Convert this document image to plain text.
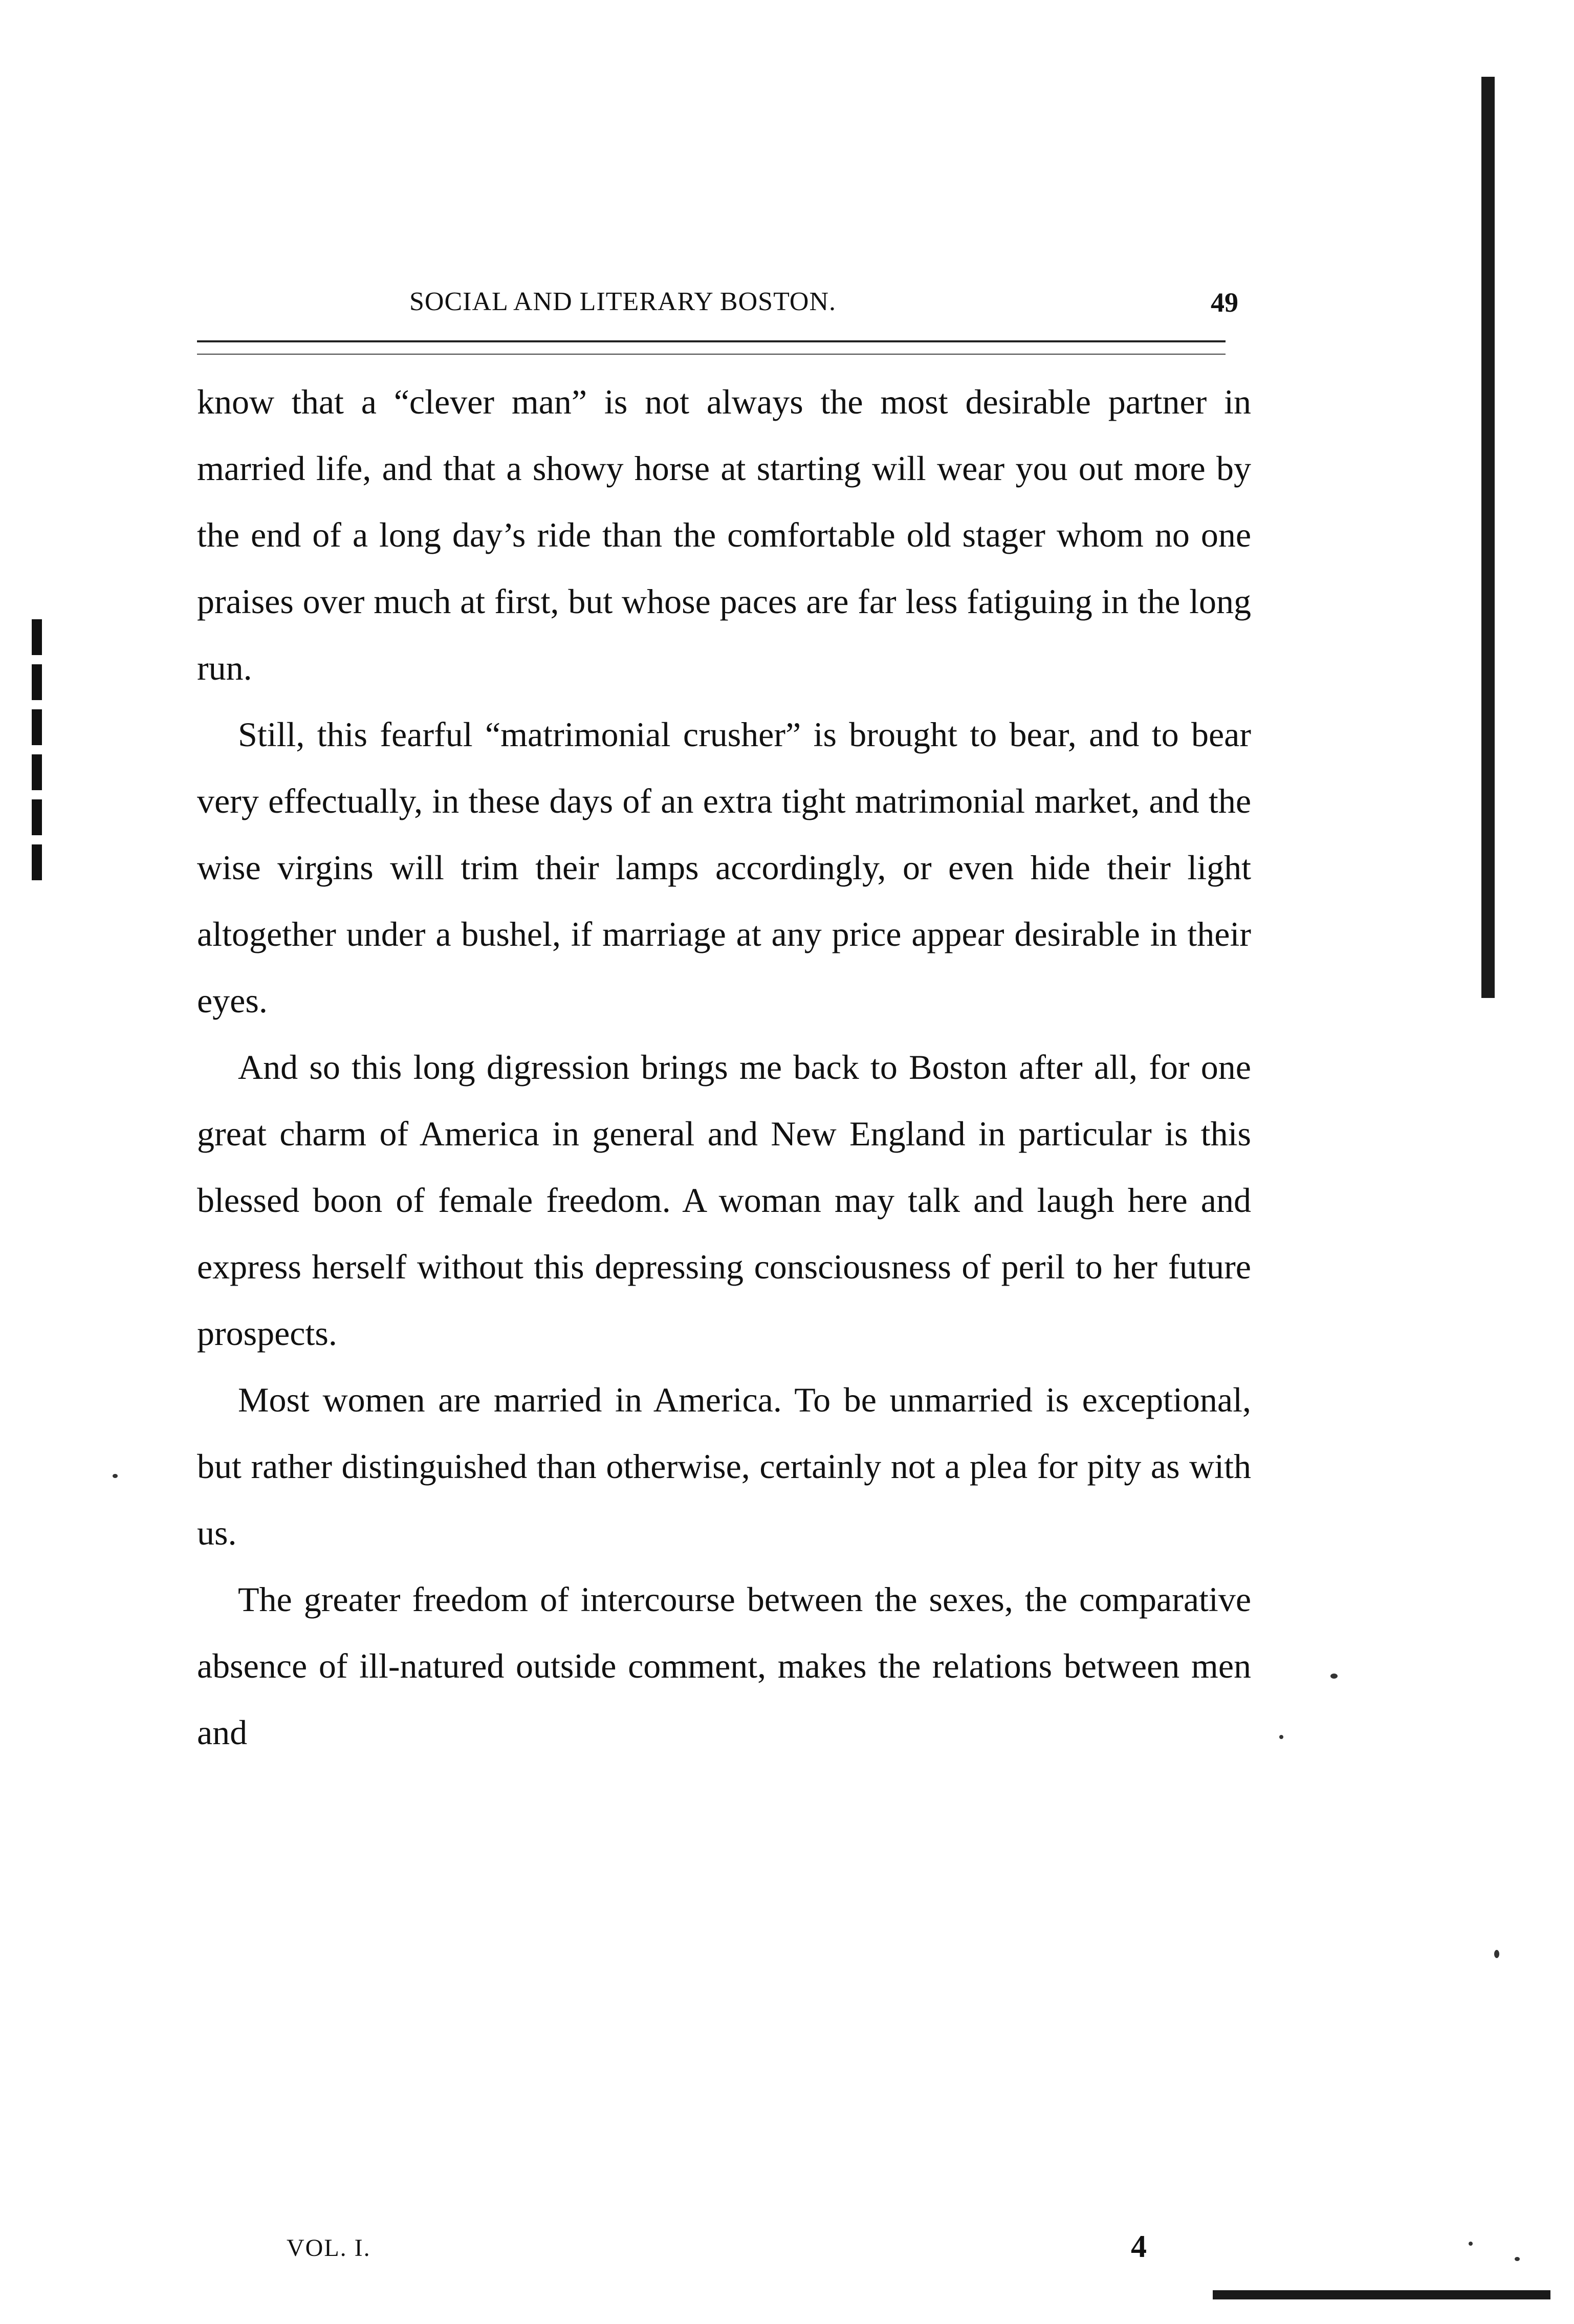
SOCIAL AND LITERARY BOSTON.	49

know that a “clever man” is not always the most desirable partner in married life, and that a showy horse at starting will wear you out more by the end of a long day’s ride than the comfortable old stager whom no one praises over much at first, but whose paces are far less fatiguing in the long run.

Still, this fearful “matrimonial crusher” is brought to bear, and to bear very effectually, in these days of an extra tight matrimonial market, and the wise virgins will trim their lamps accordingly, or even hide their light altogether under a bushel, if marriage at any price appear desirable in their eyes.

And so this long digression brings me back to Boston after all, for one great charm of America in general and New England in particular is this blessed boon of female freedom. A woman may talk and laugh here and express herself without this depressing consciousness of peril to her future prospects.

Most women are married in America. To be unmarried is exceptional, but rather distinguished than otherwise, certainly not a plea for pity as with us.

The greater freedom of intercourse between the sexes, the comparative absence of ill-natured outside comment, makes the relations between men and

VOL. I.	4
